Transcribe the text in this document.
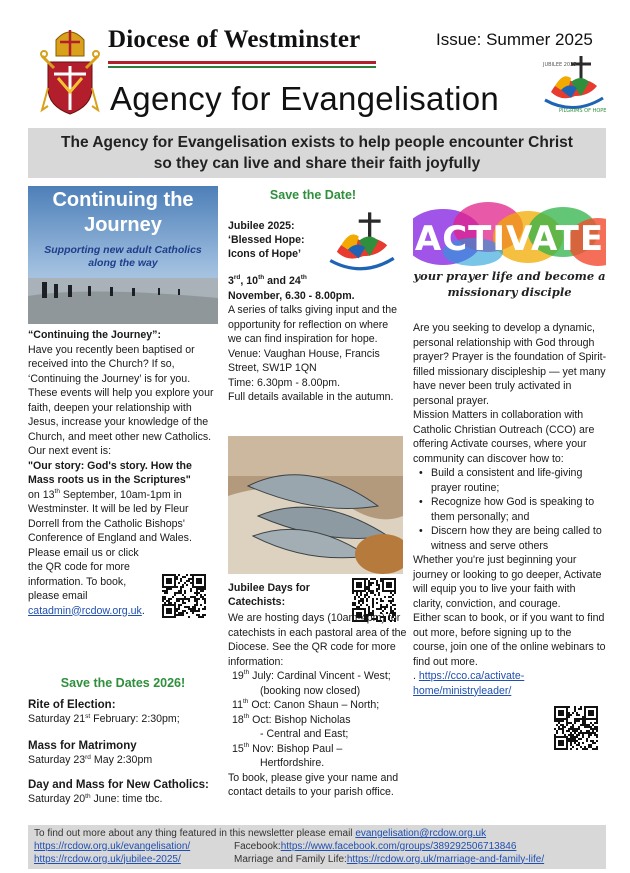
Diocese of Westminster	Issue: Summer 2025
Agency for Evangelisation
JUBILEE 2025
PILGRIMS OF HOPE
The Agency for Evangelisation exists to help people encounter Christ
so they can live and share their faith joyfully
Continuing the
Journey
Supporting new adult Catholics
along the way
“Continuing the Journey”:
Have you recently been baptised or received into the Church? If so, ‘Continuing the Journey’ is for you. These events will help you explore your faith, deepen your relationship with Jesus, increase your knowledge of the Church, and meet other new Catholics.
Our next event is:
"Our story: God's story. How the Mass roots us in the Scriptures"
on 13th September, 10am-1pm in Westminster. It will be led by Fleur Dorrell from the Catholic Bishops' Conference of England and Wales.
Please email us or click the QR code for more information. To book, please email
catadmin@rcdow.org.uk.
Save the Dates 2026!
Rite of Election:
Saturday 21st February: 2:30pm;
Mass for Matrimony
Saturday 23rd May 2:30pm
Day and Mass for New Catholics:
Saturday 20th June: time tbc.
Save the Date!
Jubilee 2025:
‘Blessed Hope:
Icons of Hope’
3rd, 10th and 24th
November, 6.30 - 8.00pm.
A series of talks giving input and the opportunity for reflection on where we can find inspiration for hope.
Venue: Vaughan House, Francis Street, SW1P 1QN
Time: 6.30pm - 8.00pm.
Full details available in the autumn.
Jubilee Days for
Catechists:
We are hosting days (10am-4pm) for catechists in each pastoral area of the Diocese. See the QR code for more information:
19th July: Cardinal Vincent - West;
(booking now closed)
11th Oct: Canon Shaun – North;
18th Oct: Bishop Nicholas
- Central and East;
15th Nov: Bishop Paul –
Hertfordshire.
To book, please give your name and contact details to your parish office.
ACTIVATE
your prayer life and become a
missionary disciple
Are you seeking to develop a dynamic, personal relationship with God through prayer? Prayer is the foundation of Spirit-filled missionary discipleship — yet many have never been truly activated in personal prayer.
Mission Matters in collaboration with Catholic Christian Outreach (CCO) are offering Activate courses, where your community can discover how to:
• Build a consistent and life-giving prayer routine;
• Recognize how God is speaking to them personally; and
• Discern how they are being called to witness and serve others
Whether you're just beginning your journey or looking to go deeper, Activate will equip you to live your faith with clarity, conviction, and courage.
Either scan to book, or if you want to find out more, before signing up to the course, join one of the online webinars to find out more.
. https://cco.ca/activate-home/ministryleader/
To find out more about any thing featured in this newsletter please email evangelisation@rcdow.org.uk
https://rcdow.org.uk/evangelisation/	Facebook: https://www.facebook.com/groups/389292506713846
https://rcdow.org.uk/jubilee-2025/	Marriage and Family Life: https://rcdow.org.uk/marriage-and-family-life/
